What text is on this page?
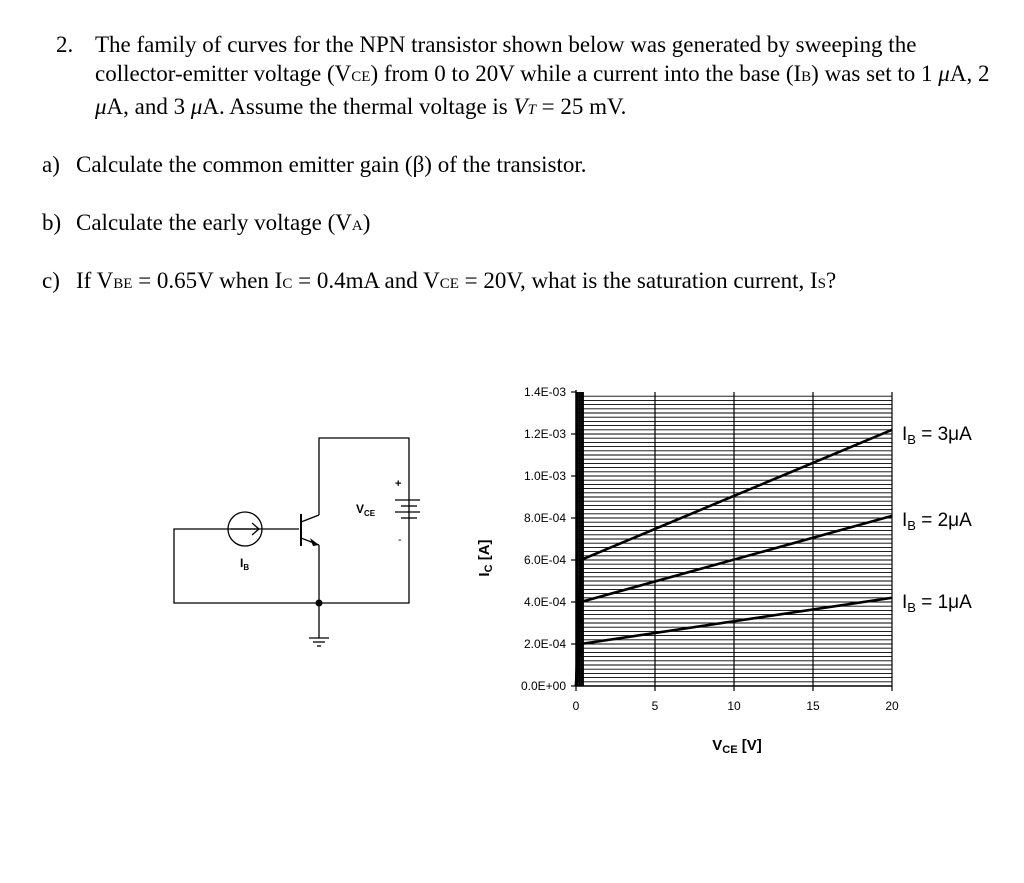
2. The family of curves for the NPN transistor shown below was generated by sweeping the collector-emitter voltage (VCE) from 0 to 20V while a current into the base (IB) was set to 1 μA, 2 μA, and 3 μA. Assume the thermal voltage is VT = 25 mV.
a) Calculate the common emitter gain (β) of the transistor.
b) Calculate the early voltage (VA)
c) If VBE = 0.65V when IC = 0.4mA and VCE = 20V, what is the saturation current, IS?
$I_B$
$V_{CE}$
+
-
0.0E+00
2.0E-04
4.0E-04
6.0E-04
8.0E-04
1.0E-03
1.2E-03
1.4E-03
0	5	10	15	20
$I_B = 1\mu A$
$I_B = 2\mu A$
$I_B = 3\mu A$
$V_{CE}$ [V]
$I_C$ [A]
